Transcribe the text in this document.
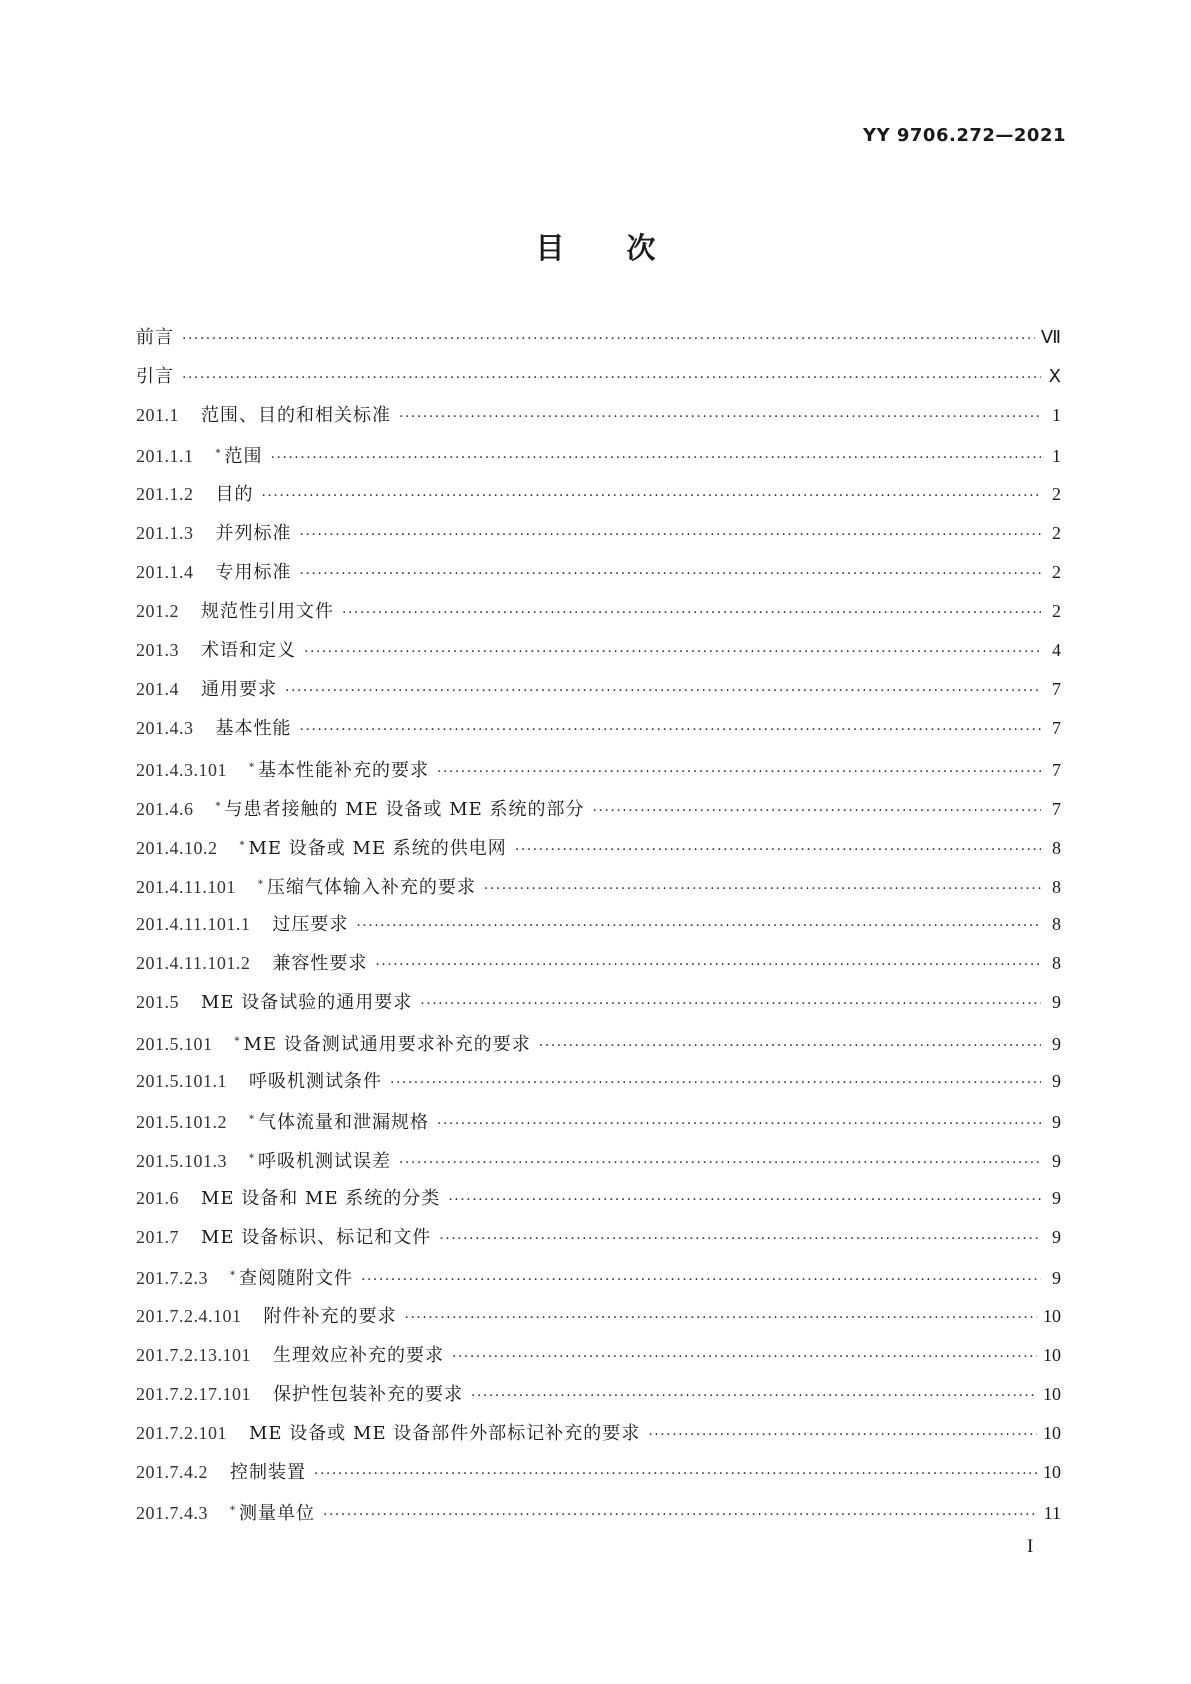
YY 9706.272—2021
目 次
前言 ·····	Ⅶ
引言 ·····	Ⅹ
201.1 范围、目的和相关标准 ·····	1
201.1.1 * 范围 ·····	1
201.1.2 目的 ·····	2
201.1.3 并列标准 ·····	2
201.1.4 专用标准 ·····	2
201.2 规范性引用文件 ·····	2
201.3 术语和定义 ·····	4
201.4 通用要求 ·····	7
201.4.3 基本性能 ·····	7
201.4.3.101 * 基本性能补充的要求 ·····	7
201.4.6 * 与患者接触的 ME 设备或 ME 系统的部分 ·····	7
201.4.10.2 * ME 设备或 ME 系统的供电网 ·····	8
201.4.11.101 * 压缩气体输入补充的要求 ·····	8
201.4.11.101.1 过压要求 ·····	8
201.4.11.101.2 兼容性要求 ·····	8
201.5 ME 设备试验的通用要求 ·····	9
201.5.101 * ME 设备测试通用要求补充的要求 ·····	9
201.5.101.1 呼吸机测试条件 ·····	9
201.5.101.2 * 气体流量和泄漏规格 ·····	9
201.5.101.3 * 呼吸机测试误差 ·····	9
201.6 ME 设备和 ME 系统的分类 ·····	9
201.7 ME 设备标识、标记和文件 ·····	9
201.7.2.3 * 查阅随附文件 ·····	9
201.7.2.4.101 附件补充的要求 ·····	10
201.7.2.13.101 生理效应补充的要求 ·····	10
201.7.2.17.101 保护性包装补充的要求 ·····	10
201.7.2.101 ME 设备或 ME 设备部件外部标记补充的要求 ·····	10
201.7.4.2 控制装置 ·····	10
201.7.4.3 * 测量单位 ·····	11
I
